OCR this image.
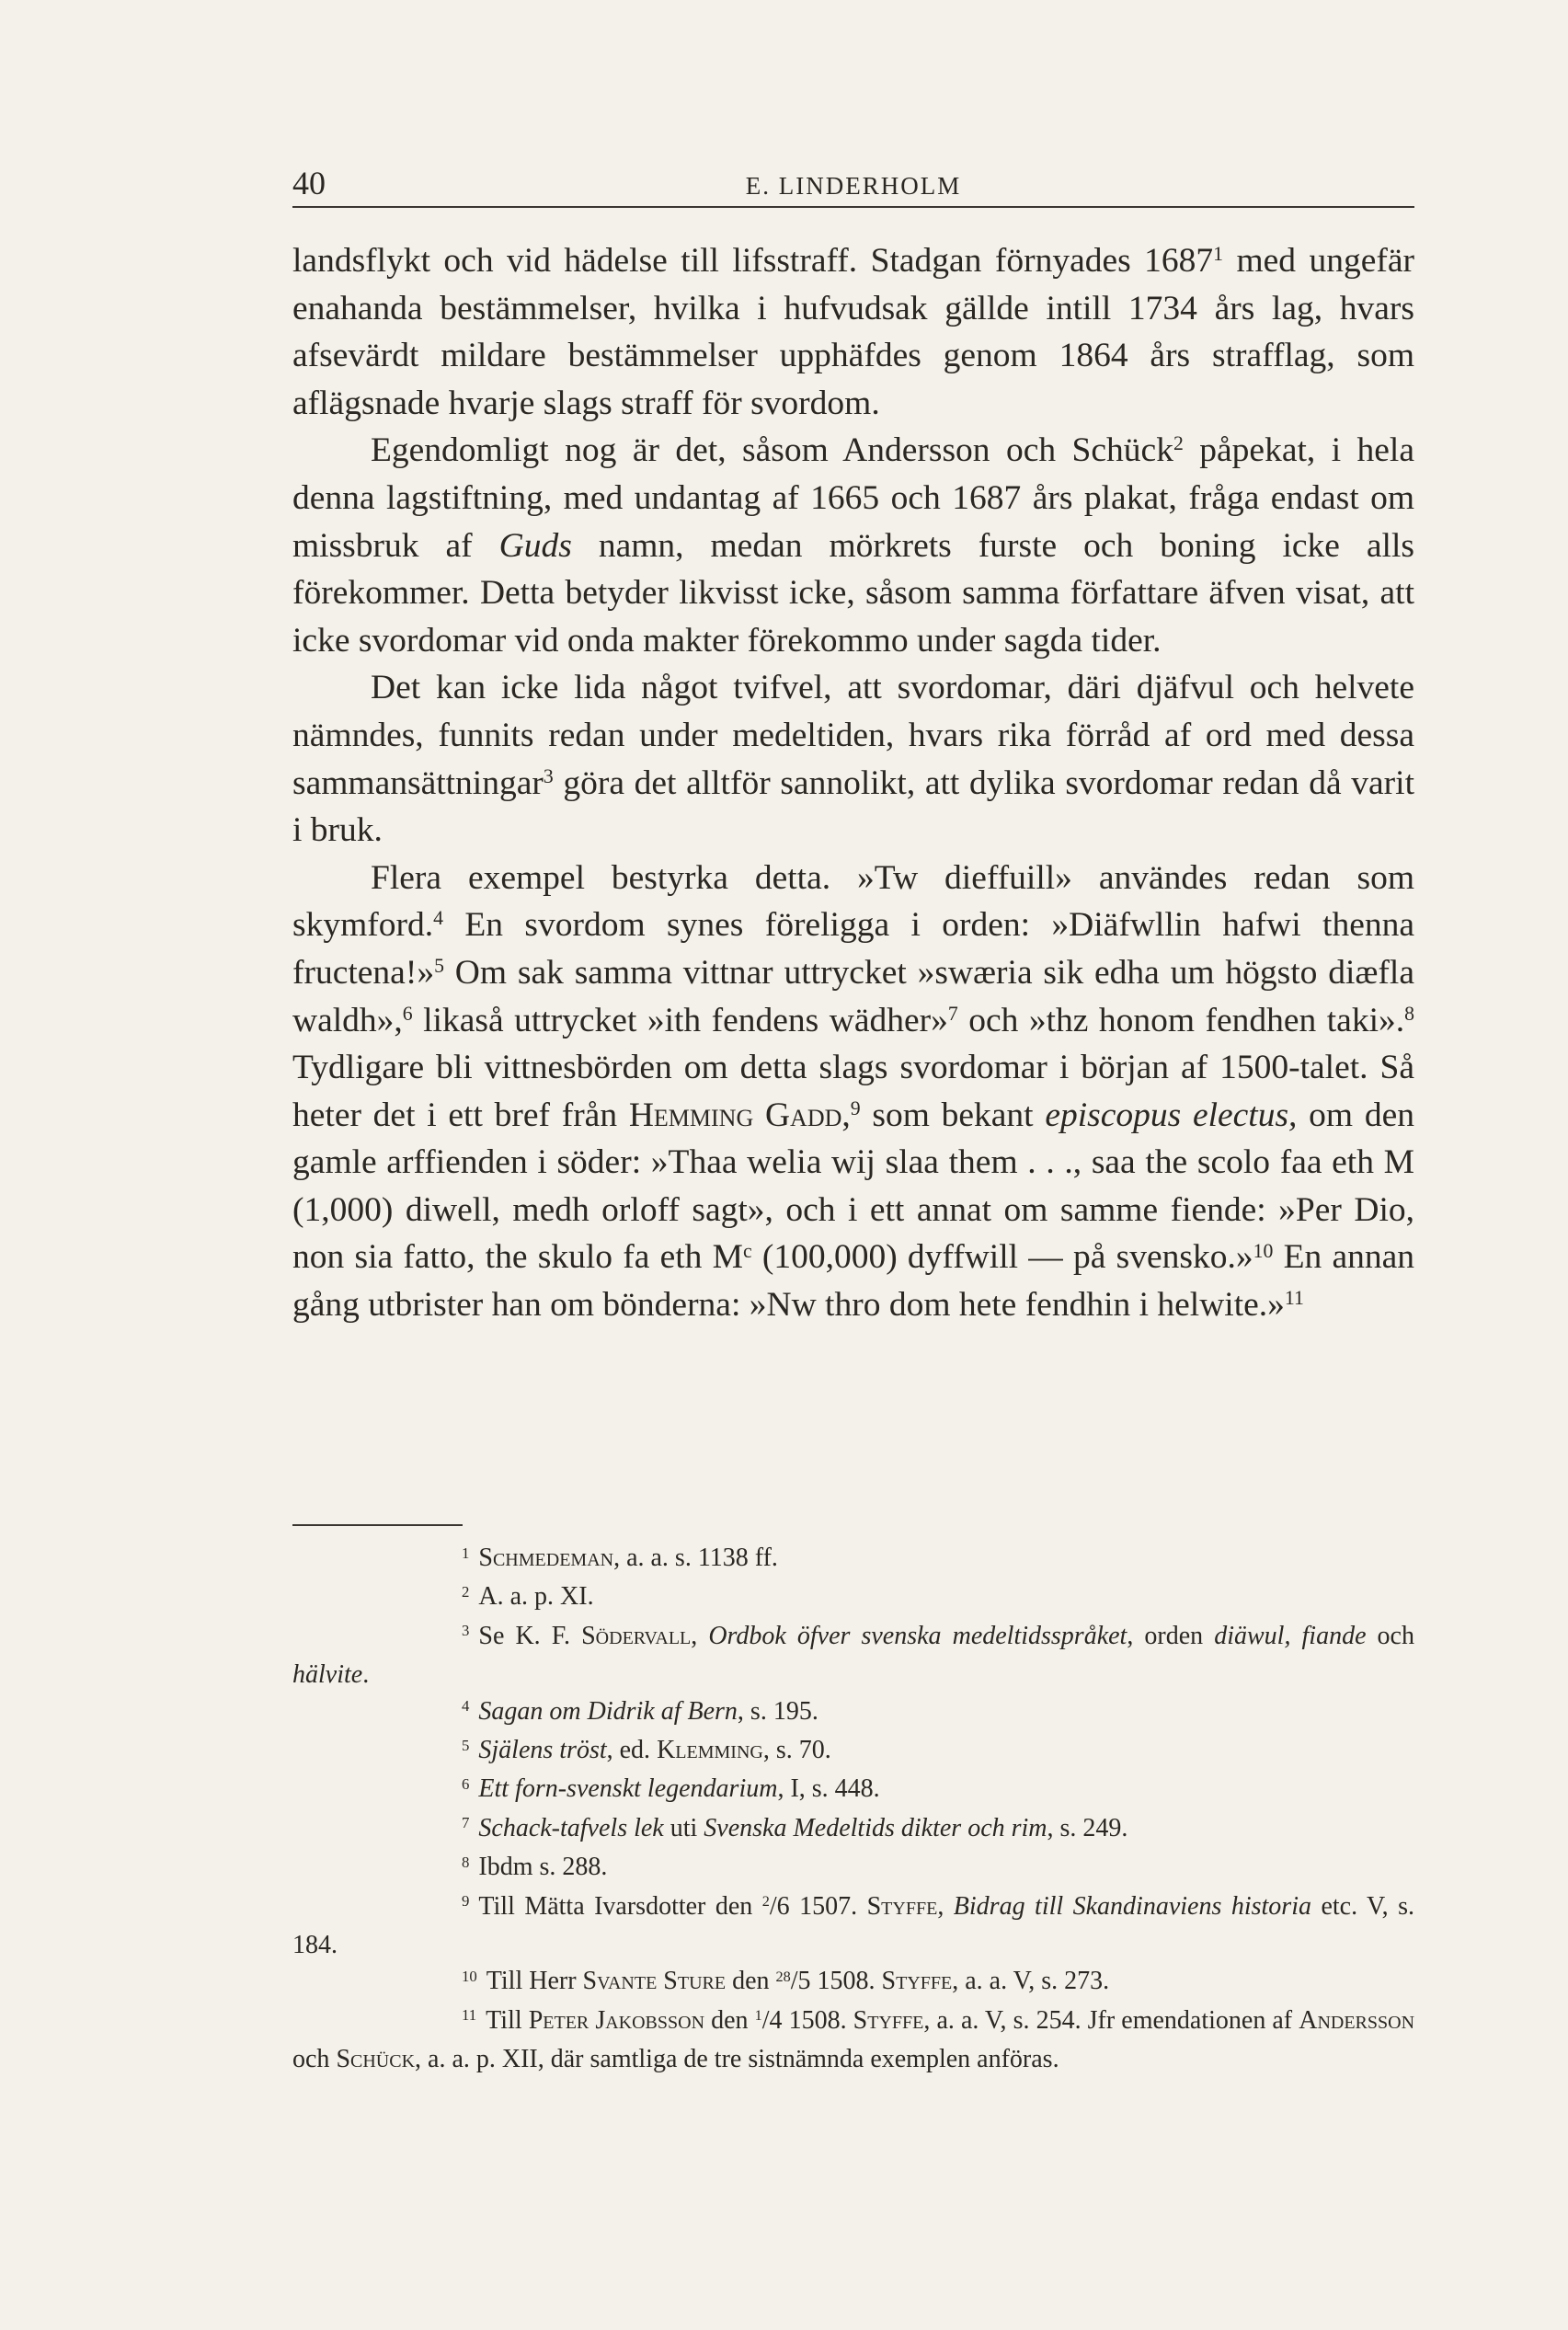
40	E. LINDERHOLM

landsflykt och vid hädelse till lifsstraff. Stadgan förnyades 1687$^1$ med ungefär enahanda bestämmelser, hvilka i hufvudsak gällde intill 1734 års lag, hvars afsevärdt mildare bestämmelser upphäfdes genom 1864 års strafflag, som aflägsnade hvarje slags straff för svordom.

Egendomligt nog är det, såsom Andersson och Schück$^2$ påpekat, i hela denna lagstiftning, med undantag af 1665 och 1687 års plakat, fråga endast om missbruk af Guds namn, medan mörkrets furste och boning icke alls förekommer. Detta betyder likvisst icke, såsom samma författare äfven visat, att icke svordomar vid onda makter förekommo under sagda tider.

Det kan icke lida något tvifvel, att svordomar, däri djäfvul och helvete nämndes, funnits redan under medeltiden, hvars rika förråd af ord med dessa sammansättningar$^3$ göra det alltför sannolikt, att dylika svordomar redan då varit i bruk.

Flera exempel bestyrka detta. »Tw dieffuill» användes redan som skymford.$^4$ En svordom synes föreligga i orden: »Diäfwllin hafwi thenna fructena!»$^5$ Om sak samma vittnar uttrycket »swæria sik edha um högsto diæfla waldh»,$^6$ likaså uttrycket »ith fendens wädher»$^7$ och »thz honom fendhen taki».$^8$ Tydligare bli vittnesbörden om detta slags svordomar i början af 1500-talet. Så heter det i ett bref från Hemming Gadd,$^9$ som bekant episcopus electus, om den gamle arffienden i söder: »Thaa welia wij slaa them . . ., saa the scolo faa eth M (1,000) diwell, medh orloff sagt», och i ett annat om samme fiende: »Per Dio, non sia fatto, the skulo fa eth $M^c$ (100,000) dyffwill — på svensko.»$^{10}$ En annan gång utbrister han om bönderna: »Nw thro dom hete fendhin i helwite.»$^{11}$

1 Schmedeman, a. a. s. 1138 ff.

2 A. a. p. XI.

3 Se K. F. Södervall, Ordbok öfver svenska medeltidsspråket, orden diäwul, fiande och hälvite.

4 Sagan om Didrik af Bern, s. 195.

5 Själens tröst, ed. Klemming, s. 70.

6 Ett forn-svenskt legendarium, I, s. 448.

7 Schack-tafvels lek uti Svenska Medeltids dikter och rim, s. 249.

8 Ibdm s. 288.

9 Till Mätta Ivarsdotter den $^2$/6 1507. Styffe, Bidrag till Skandinaviens historia etc. V, s. 184.

10 Till Herr Svante Sture den $^{28}$/5 1508. Styffe, a. a. V, s. 273.

11 Till Peter Jakobsson den $^1$/4 1508. Styffe, a. a. V, s. 254. Jfr emendationen af Andersson och Schück, a. a. p. XII, där samtliga de tre sistnämnda exemplen anföras.
